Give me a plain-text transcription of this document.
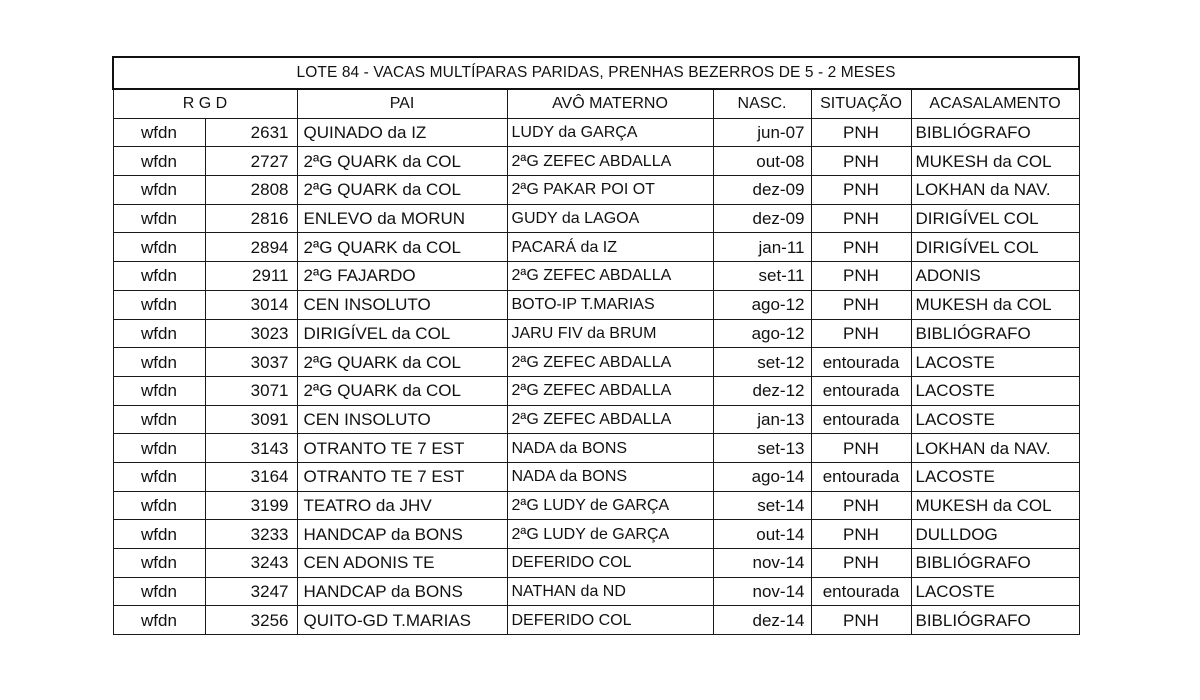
LOTE 84 - VACAS MULTÍPARAS PARIDAS, PRENHAS BEZERROS DE 5 - 2 MESES						
R G D		PAI	AVÔ MATERNO	NASC.	SITUAÇÃO	ACASALAMENTO
wfdn	2631	QUINADO da IZ	LUDY da GARÇA	jun-07	PNH	BIBLIÓGRAFO
wfdn	2727	2ªG QUARK da COL	2ªG ZEFEC ABDALLA	out-08	PNH	MUKESH da COL
wfdn	2808	2ªG QUARK da COL	2ªG PAKAR POI OT	dez-09	PNH	LOKHAN da NAV.
wfdn	2816	ENLEVO da MORUN	GUDY da LAGOA	dez-09	PNH	DIRIGÍVEL COL
wfdn	2894	2ªG QUARK da COL	PACARÁ da IZ	jan-11	PNH	DIRIGÍVEL COL
wfdn	2911	2ªG FAJARDO	2ªG ZEFEC ABDALLA	set-11	PNH	ADONIS
wfdn	3014	CEN INSOLUTO	BOTO-IP T.MARIAS	ago-12	PNH	MUKESH da COL
wfdn	3023	DIRIGÍVEL da COL	JARU FIV da BRUM	ago-12	PNH	BIBLIÓGRAFO
wfdn	3037	2ªG QUARK da COL	2ªG ZEFEC ABDALLA	set-12	entourada	LACOSTE
wfdn	3071	2ªG QUARK da COL	2ªG ZEFEC ABDALLA	dez-12	entourada	LACOSTE
wfdn	3091	CEN INSOLUTO	2ªG ZEFEC ABDALLA	jan-13	entourada	LACOSTE
wfdn	3143	OTRANTO TE 7 EST	NADA da BONS	set-13	PNH	LOKHAN da NAV.
wfdn	3164	OTRANTO TE 7 EST	NADA da BONS	ago-14	entourada	LACOSTE
wfdn	3199	TEATRO da JHV	2ªG LUDY de GARÇA	set-14	PNH	MUKESH da COL
wfdn	3233	HANDCAP da BONS	2ªG LUDY de GARÇA	out-14	PNH	DULLDOG
wfdn	3243	CEN ADONIS TE	DEFERIDO COL	nov-14	PNH	BIBLIÓGRAFO
wfdn	3247	HANDCAP da BONS	NATHAN da ND	nov-14	entourada	LACOSTE
wfdn	3256	QUITO-GD T.MARIAS	DEFERIDO COL	dez-14	PNH	BIBLIÓGRAFO
